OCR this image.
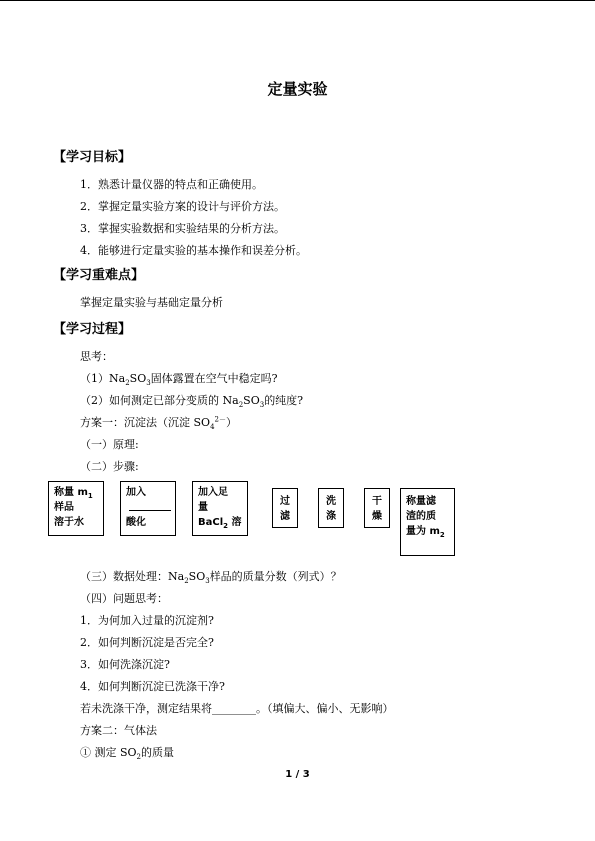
定量实验
【学习目标】
1．熟悉计量仪器的特点和正确使用。
2．掌握定量实验方案的设计与评价方法。
3．掌握实验数据和实验结果的分析方法。
4．能够进行定量实验的基本操作和误差分析。
【学习重难点】
掌握定量实验与基础定量分析
【学习过程】
思考：
$(1)Na_2SO_3$固体露置在空气中稳定吗?
（2）如何测定已部分变质的 $Na_2SO_3$的纯度?
方案一：沉淀法（沉淀 $SO_4^{2-}$）
（一）原理:
（二）步骤:
称量 $m_1$
样品
溶于水
加入
酸化
加入足
量
BaCl$_2$ 溶
过
滤
洗
涤
干
燥
称量滤
渣的质
量为 $m_2$
（三）数据处理：$Na_2SO_3$样品的质量分数（列式）？
（四）问题思考：
1．为何加入过量的沉淀剂?
2．如何判断沉淀是否完全?
3．如何洗涤沉淀?
4．如何判断沉淀已洗涤干净?
若未洗涤干净，测定结果将________。（填偏大、偏小、无影响）
方案二：气体法
① 测定 $SO_2$的质量
1 / 3
